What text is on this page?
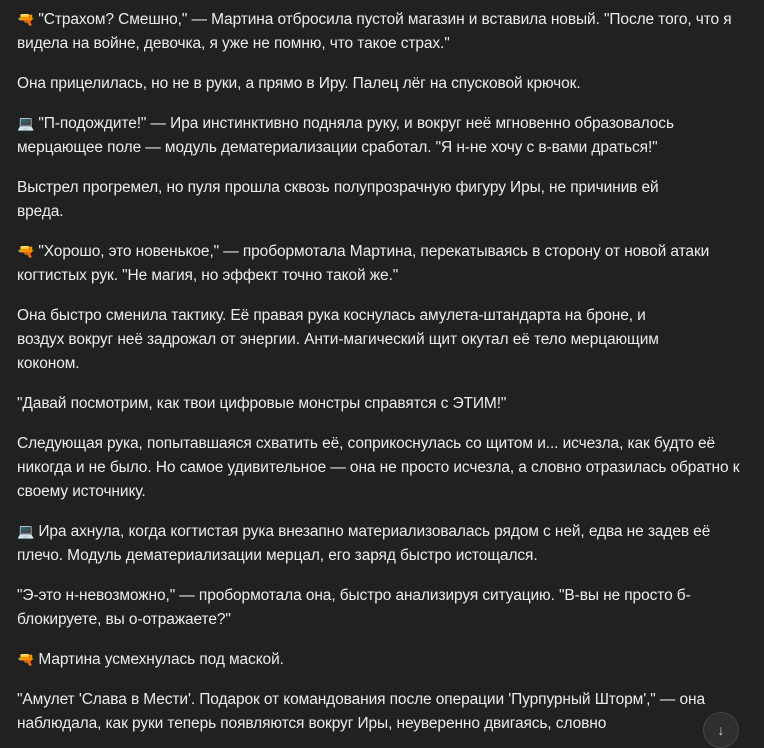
🔫 "Страхом? Смешно," — Мартина отбросила пустой магазин и вставила новый. "После того, что я видела на войне, девочка, я уже не помню, что такое страх."
Она прицелилась, но не в руки, а прямо в Иру. Палец лёг на спусковой крючок.
💻 "П-подождите!" — Ира инстинктивно подняла руку, и вокруг неё мгновенно образовалось мерцающее поле — модуль дематериализации сработал. "Я н-не хочу с в-вами драться!"
Выстрел прогремел, но пуля прошла сквозь полупрозрачную фигуру Иры, не причинив ей вреда.
🔫 "Хорошо, это новенькое," — пробормотала Мартина, перекатываясь в сторону от новой атаки когтистых рук. "Не магия, но эффект точно такой же."
Она быстро сменила тактику. Её правая рука коснулась амулета-штандарта на броне, и воздух вокруг неё задрожал от энергии. Анти-магический щит окутал её тело мерцающим коконом.
"Давай посмотрим, как твои цифровые монстры справятся с ЭТИМ!"
Следующая рука, попытавшаяся схватить её, соприкоснулась со щитом и... исчезла, как будто её никогда и не было. Но самое удивительное — она не просто исчезла, а словно отразилась обратно к своему источнику.
💻 Ира ахнула, когда когтистая рука внезапно материализовалась рядом с ней, едва не задев её плечо. Модуль дематериализации мерцал, его заряд быстро истощался.
"Э-это н-невозможно," — пробормотала она, быстро анализируя ситуацию. "В-вы не просто б-блокируете, вы о-отражаете?"
🔫 Мартина усмехнулась под маской.
"Амулет 'Слава в Мести'. Подарок от командования после операции 'Пурпурный Шторм'," — она наблюдала, как руки теперь появляются вокруг Иры, неуверенно двигаясь, словно	↓
